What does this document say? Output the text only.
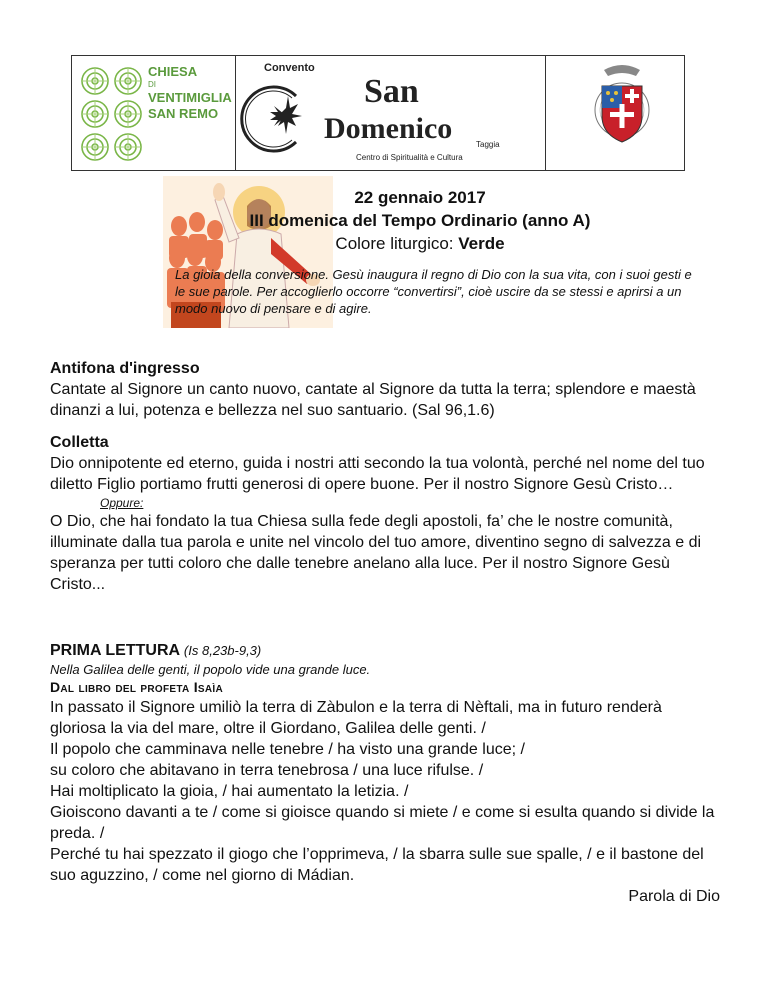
CHIESA
DI
VENTIMIGLIA
SAN REMO
Convento
San
Domenico	Taggia
Centro di Spiritualità e Cultura
22 gennaio 2017
III domenica del Tempo Ordinario (anno A)
Colore liturgico: Verde
La gioia della conversione. Gesù inaugura il regno di Dio con la sua vita, con i suoi gesti e le sue parole. Per accoglierlo occorre “convertirsi”, cioè uscire da se stessi e aprirsi a un modo nuovo di pensare e di agire.
Antifona d'ingresso

Cantate al Signore un canto nuovo, cantate al Signore da tutta la terra; splendore e maestà dinanzi a lui, potenza e bellezza nel suo santuario. (Sal 96,1.6)

Colletta

Dio onnipotente ed eterno, guida i nostri atti secondo la tua volontà, perché nel nome del tuo diletto Figlio portiamo frutti generosi di opere buone. Per il nostro Signore Gesù Cristo…

Oppure:

O Dio, che hai fondato la tua Chiesa sulla fede degli apostoli, fa’ che le nostre comunità, illuminate dalla tua parola e unite nel vincolo del tuo amore, diventino segno di salvezza e di speranza per tutti coloro che dalle tenebre anelano alla luce. Per il nostro Signore Gesù Cristo...

PRIMA LETTURA (Is 8,23b-9,3)
Nella Galilea delle genti, il popolo vide una grande luce.
Dal libro del profeta Isaìa

In passato il Signore umiliò la terra di Zàbulon e la terra di Nèftali, ma in futuro renderà gloriosa la via del mare, oltre il Giordano, Galilea delle genti. /

Il popolo che camminava nelle tenebre / ha visto una grande luce; /

su coloro che abitavano in terra tenebrosa / una luce rifulse. /

Hai moltiplicato la gioia, / hai aumentato la letizia. /

Gioiscono davanti a te / come si gioisce quando si miete / e come si esulta quando si divide la preda. /

Perché tu hai spezzato il giogo che l’opprimeva, / la sbarra sulle sue spalle, / e il bastone del suo aguzzino, / come nel giorno di Mádian.

Parola di Dio
